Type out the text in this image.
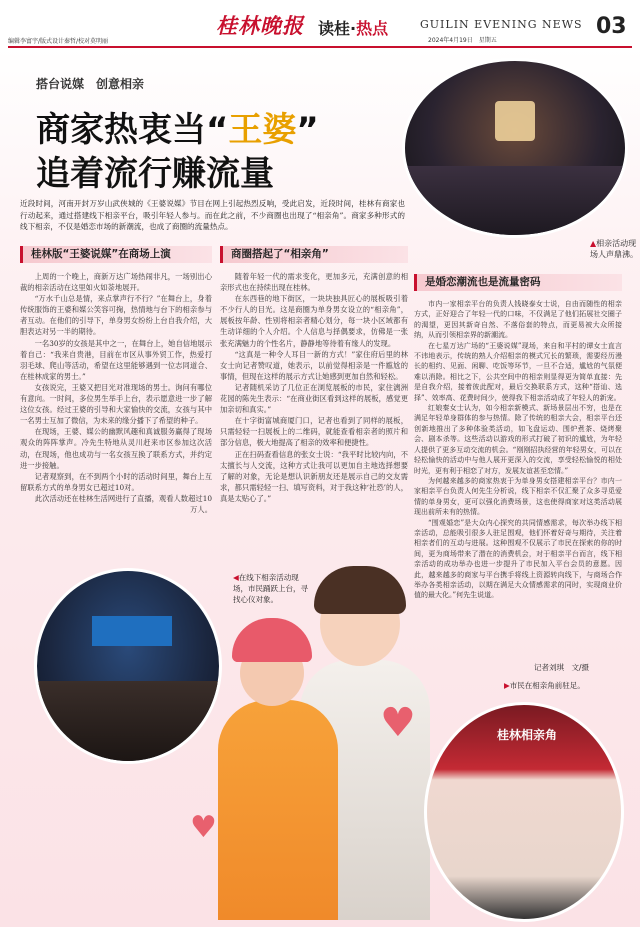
编辑李富宇/版式设计秦哲/校对莫明丽
桂林晚报 读桂·热点	GUILIN EVENING NEWS
2024年4月19日　星期五
03
搭台说媒　创意相亲
商家热衷当“王婆”
追着流行赚流量
▲相亲活动现场人声鼎沸。
近段时间，河南开封万岁山武侠城的《王婆说媒》节目在网上引起热烈反响，受此启发，近段时间，桂林有商家也行动起来，通过搭建线下相亲平台，吸引年轻人参与。而在此之前，不少商圈也出现了“相亲角”。商家多种形式的线下相亲，不仅是婚恋市场的新潮流，也成了商圈的流量热点。
桂林版“王婆说媒”在商场上演

上周的一个晚上，商新万达广场热闹非凡，一场别出心裁的相亲活动在这里如火如荼地展开。

“万水千山总是情，来点掌声行不行？”在舞台上，身着传统服饰的王婆和媒公笑容可掬，热情地与台下的相亲参与者互动。在他们的引导下，单身男女纷纷上台自我介绍，大胆表达对另一半的期待。

一名30岁的女孩是其中之一，在舞台上，她自信地展示着自己：“我来自贵港，目前在市区从事外贸工作，热爱打羽毛球、爬山等活动，希望在这里能够遇到一位志同道合、在桂林成家的男士。”

女孩说完，王婆又把目光对准现场的男士。询问有哪位有意向。一时间，多位男生举手上台，表示愿意进一步了解这位女孩。经过王婆的引导和大家愉快的交流，女孩与其中一名男士互加了微信，为未来的缘分播下了希望的种子。

在现场，王婆、媒公的幽默风趣和真诚服务赢得了现场观众的阵阵掌声。冷先生特地从灵川赶来市区参加这次活动，在现场，他也成功与一名女孩互换了联系方式，并约定进一步接触。

记者观察到，在不到两个小时的活动时间里，舞台上互留联系方式的单身男女已超过10对。

此次活动还在桂林生活网进行了直播，观看人数超过10万人。

商圈搭起了“相亲角”

随着年轻一代的需求变化，更加多元，充满创意的相亲形式也在持续出现在桂林。

在东西巷的地下街区，一块块独具匠心的展板吸引着不少行人的目光。这是商圈为单身男女设立的“相亲角”，展板按年龄、性别将相亲者精心划分，每一块小区域都有生动详细的个人介绍。个人信息与择偶要求，仿佛是一张张充满魅力的个性名片，静静地等待着有缘人的发现。

“这真是一种令人耳目一新的方式！”家住府后里的林女士向记者赞叹道，她表示，以前觉得相亲是一件尴尬的事情，但现在这样的展示方式让她感到更加自然和轻松。

记者随机采访了几位正在浏览展板的市民，家住漓洲花园的陈先生表示：“在商业街区看到这样的展板，感觉更加亲切和真实。”

在十字街富城商厦门口，记者也看到了同样的展板，只需轻轻一扫展板上的二维码，就能查看相亲者的照片和部分信息，极大地提高了相亲的效率和便捷性。

正在扫码查看信息的张女士说：“我平时比较内向，不太擅长与人交流，这种方式让我可以更加自主地选择想要了解的对象，无论是想认识新朋友还是展示自己的交友需求，都只需轻轻一扫、填写资料，对于我这种‘社恐’的人，真是太贴心了。”

是婚恋潮流也是流量密码

市内一家相亲平台的负责人钱晓泰女士说，自由而随性的相亲方式，正好迎合了年轻一代的口味，不仅满足了他们拓展社交圈子的渴望，更因其新奇自然、不落俗套的特点，而更易被大众所接纳，从而引领相亲界的新潮流。

在七星万达广场的“王婆说媒”现场，来自和平村的谭女士直言不讳地表示，传统的熟人介绍相亲的模式冗长的繁琐，需要经历漫长的相约、见面、闲聊、吃饭等环节，一旦不合适，尴尬的气氛便难以消除。相比之下，公共空间中的相亲则显得更为简单直接：先是自我介绍，接着彼此配对，最后交换联系方式，这种“搭讪、选择”、效率高、花费时间少，使得我下相亲活动成了年轻人的新宠。

红娘秦女士认为，如今相亲新模式、新场景层出不穷，也是在满足年轻单身群体的参与热情。除了传统的相亲大会，相亲平台还创新地推出了多种体验类活动，如飞盘运动、围炉煮茶、烧烤聚会、剧本杀等。这些活动以游戏的形式打破了初识的尴尬，为年轻人提供了更多互动交流的机会。“刚刚招执经营的年轻男女，可以在轻松愉快的活动中与他人展开更深入的交流，享受轻松愉悦的相处时光，更有利于相恋了对方，发展友谊甚至恋情。”

为何越来越多的商家热衷于为单身男女搭建相亲平台？市内一家相亲平台负责人何先生分析说，线下相亲不仅汇聚了众多寻觅爱情的单身男女，更可以强化消费场景，这也使得商家对这类活动展现出前所未有的热情。

“围观婚恋”是大众内心探究的共同情感需求，每次举办线下相亲活动，总能吸引很多人驻足围观，他们怀着好奇与期待，关注着相亲者们的互动与进展。这种围观不仅展示了市民在探索的你的时间，更为商场带来了潜在的消费机会，对于相亲平台而言，线下相亲活动的成功举办也进一步提升了市民加入平台会员的意愿。因此，越来越多的商家与平台携手将线上资源转向线下，与商场合作举办各类相亲活动，以期在满足大众情感需求的同时，实现商业价值的最大化。”何先生说道。

记者刘琪　文/摄
◀在线下相亲活动现场，市民踊跃上台，寻找心仪对象。
♥
♥
▶市民在相亲角前驻足。
桂林相亲角
